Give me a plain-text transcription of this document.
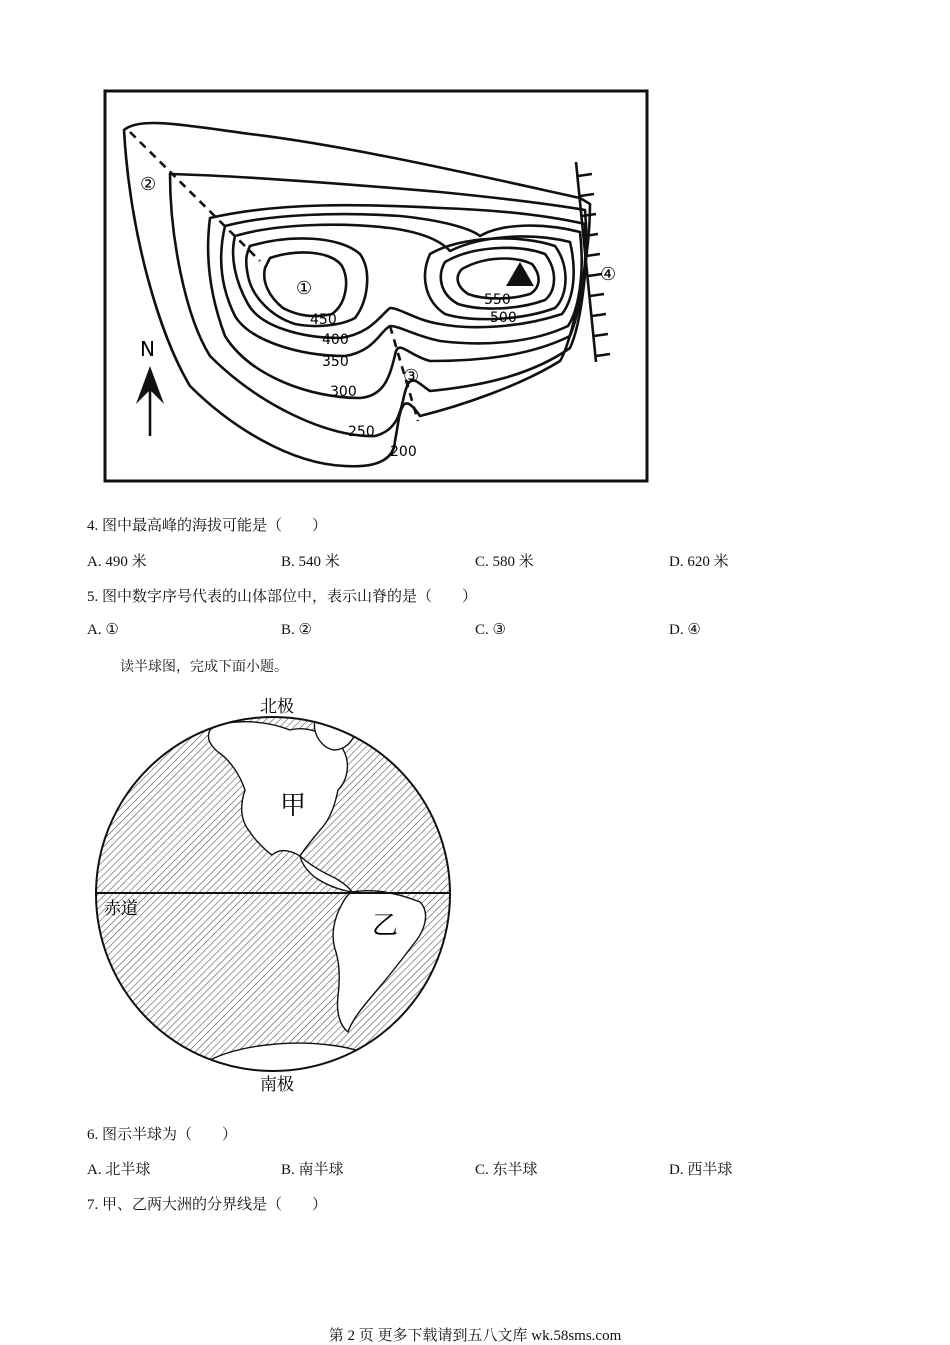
N
②
①
③
④
550
500
450
400
350
300
250
200
4. 图中最高峰的海拔可能是（　　）
A. 490 米	B. 540 米	C. 580 米	D. 620 米
5. 图中数字序号代表的山体部位中，表示山脊的是（　　）
A. ①	B. ②	C. ③	D. ④
读半球图，完成下面小题。
北极
南极
赤道
甲
乙
6. 图示半球为（　　）
A. 北半球	B. 南半球	C. 东半球	D. 西半球
7. 甲、乙两大洲的分界线是（　　）
第 2 页 更多下载请到五八文库 wk.58sms.com
